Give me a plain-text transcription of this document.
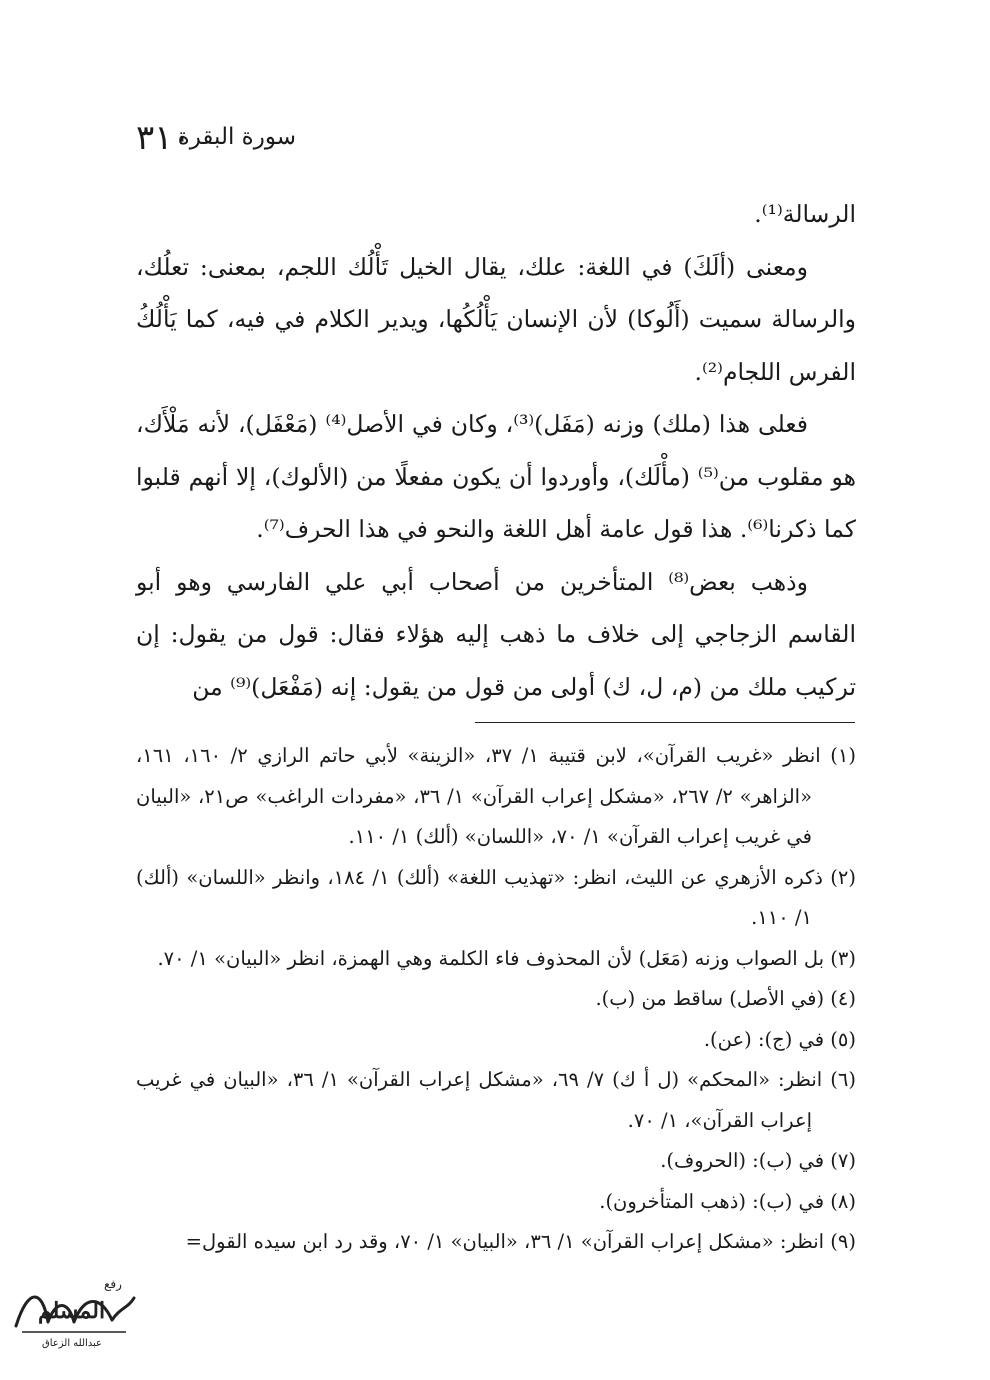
سورة البقرة
٣١٠

الرسالة⁽¹⁾.

ومعنى (ألَكَ) في اللغة: علك، يقال الخيل تَأْلُك اللجم، بمعنى: تعلُك، والرسالة سميت (أَلُوكا) لأن الإنسان يَأْلُكُها، ويدير الكلام في فيه، كما يَأْلُكُ الفرس اللجام⁽²⁾.

فعلى هذا (ملك) وزنه (مَفَل)⁽³⁾، وكان في الأصل⁽⁴⁾ (مَعْفَل)، لأنه مَلْأَك، هو مقلوب من⁽⁵⁾ (مأْلَك)، وأوردوا أن يكون مفعلًا من (الألوك)، إلا أنهم قلبوا كما ذكرنا⁽⁶⁾. هذا قول عامة أهل اللغة والنحو في هذا الحرف⁽⁷⁾.

وذهب بعض⁽⁸⁾ المتأخرين من أصحاب أبي علي الفارسي وهو أبو القاسم الزجاجي إلى خلاف ما ذهب إليه هؤلاء فقال: قول من يقول: إن تركيب ملك من (م، ل، ك) أولى من قول من يقول: إنه (مَفْعَل)⁽⁹⁾ من

(١) انظر «غريب القرآن»، لابن قتيبة ١/ ٣٧، «الزينة» لأبي حاتم الرازي ٢/ ١٦٠، ١٦١، «الزاهر» ٢/ ٢٦٧، «مشكل إعراب القرآن» ١/ ٣٦، «مفردات الراغب» ص٢١، «البيان في غريب إعراب القرآن» ١/ ٧٠، «اللسان» (ألك) ١/ ١١٠.

(٢) ذكره الأزهري عن الليث، انظر: «تهذيب اللغة» (ألك) ١/ ١٨٤، وانظر «اللسان» (ألك) ١/ ١١٠.

(٣) بل الصواب وزنه (مَعَل) لأن المحذوف فاء الكلمة وهي الهمزة، انظر «البيان» ١/ ٧٠.

(٤) (في الأصل) ساقط من (ب).

(٥) في (ج): (عن).

(٦) انظر: «المحكم» (ل أ ك) ٧/ ٦٩، «مشكل إعراب القرآن» ١/ ٣٦، «البيان في غريب إعراب القرآن»، ١/ ٧٠.

(٧) في (ب): (الحروف).

(٨) في (ب): (ذهب المتأخرون).

(٩) انظر: «مشكل إعراب القرآن» ١/ ٣٦، «البيان» ١/ ٧٠، وقد رد ابن سيده القول=

رفع
المسلم
عبدالله الزعاق
